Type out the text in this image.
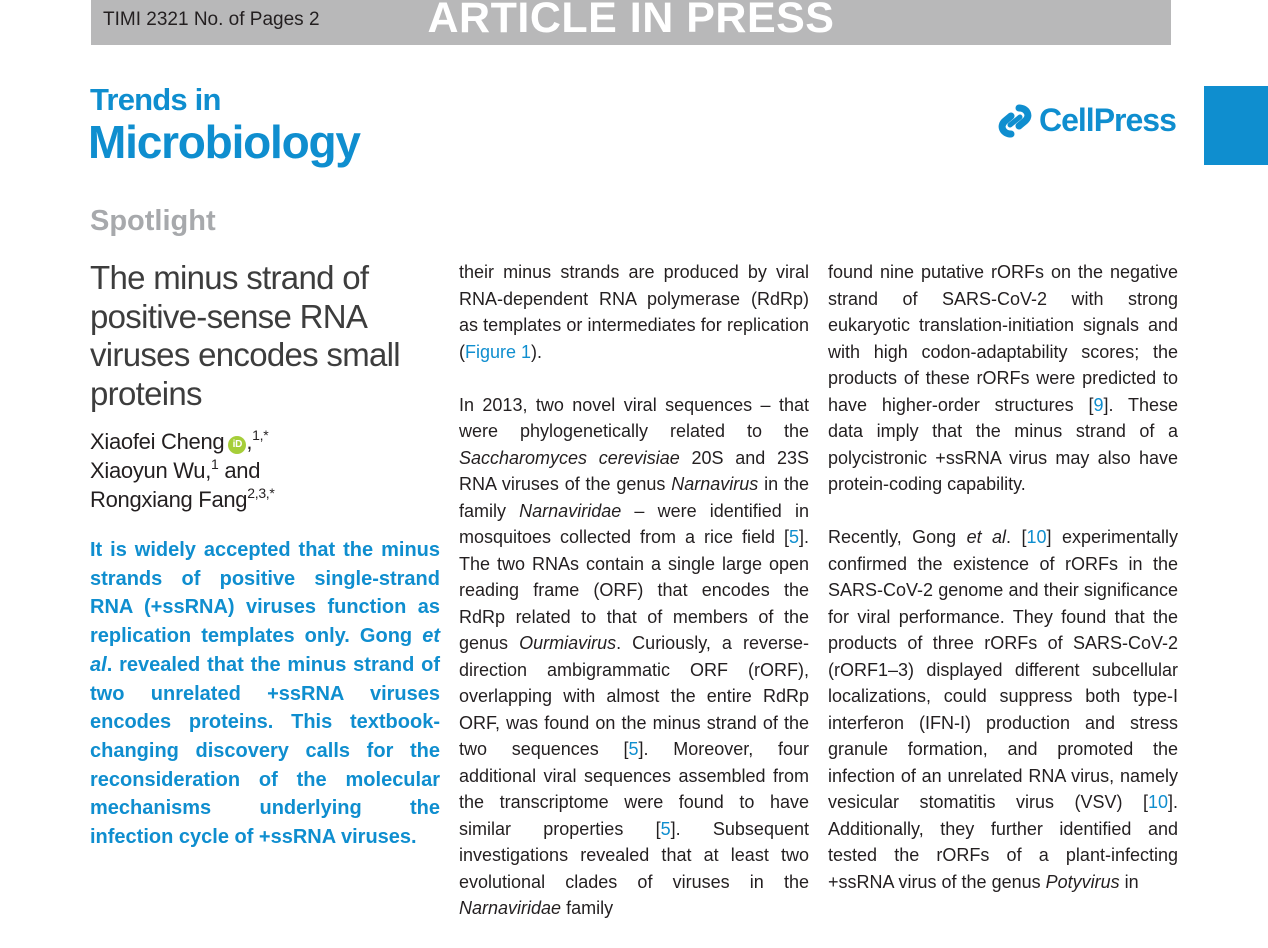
TIMI 2321 No. of Pages 2	ARTICLE IN PRESS
Trends in
Microbiology	CellPress
Spotlight
The minus strand of positive-sense RNA viruses encodes small proteins
Xiaofei Cheng iD ,$^{1,*}$
Xiaoyun Wu,$^1$ and
Rongxiang Fang$^{2,3,*}$
It is widely accepted that the minus strands of positive single-strand RNA (+ssRNA) viruses function as replication templates only. Gong et al. revealed that the minus strand of two unrelated +ssRNA viruses encodes proteins. This textbook-changing discovery calls for the reconsideration of the molecular mechanisms underlying the infection cycle of +ssRNA viruses.

their minus strands are produced by viral RNA-dependent RNA polymerase (RdRp) as templates or intermediates for replication (Figure 1).

In 2013, two novel viral sequences – that were phylogenetically related to the Saccharomyces cerevisiae 20S and 23S RNA viruses of the genus Narnavirus in the family Narnaviridae – were identified in mosquitoes collected from a rice field [5]. The two RNAs contain a single large open reading frame (ORF) that encodes the RdRp related to that of members of the genus Ourmiavirus. Curiously, a reverse-direction ambigrammatic ORF (rORF), overlapping with almost the entire RdRp ORF, was found on the minus strand of the two sequences [5]. Moreover, four additional viral sequences assembled from the transcriptome were found to have similar properties [5]. Subsequent investigations revealed that at least two evolutional clades of viruses in the Narnaviridae family

found nine putative rORFs on the negative strand of SARS-CoV-2 with strong eukaryotic translation-initiation signals and with high codon-adaptability scores; the products of these rORFs were predicted to have higher-order structures [9]. These data imply that the minus strand of a polycistronic +ssRNA virus may also have protein-coding capability.

Recently, Gong et al. [10] experimentally confirmed the existence of rORFs in the SARS-CoV-2 genome and their significance for viral performance. They found that the products of three rORFs of SARS-CoV-2 (rORF1–3) displayed different subcellular localizations, could suppress both type-I interferon (IFN-I) production and stress granule formation, and promoted the infection of an unrelated RNA virus, namely vesicular stomatitis virus (VSV) [10]. Additionally, they further identified and tested the rORFs of a plant-infecting +ssRNA virus of the genus Potyvirus in
